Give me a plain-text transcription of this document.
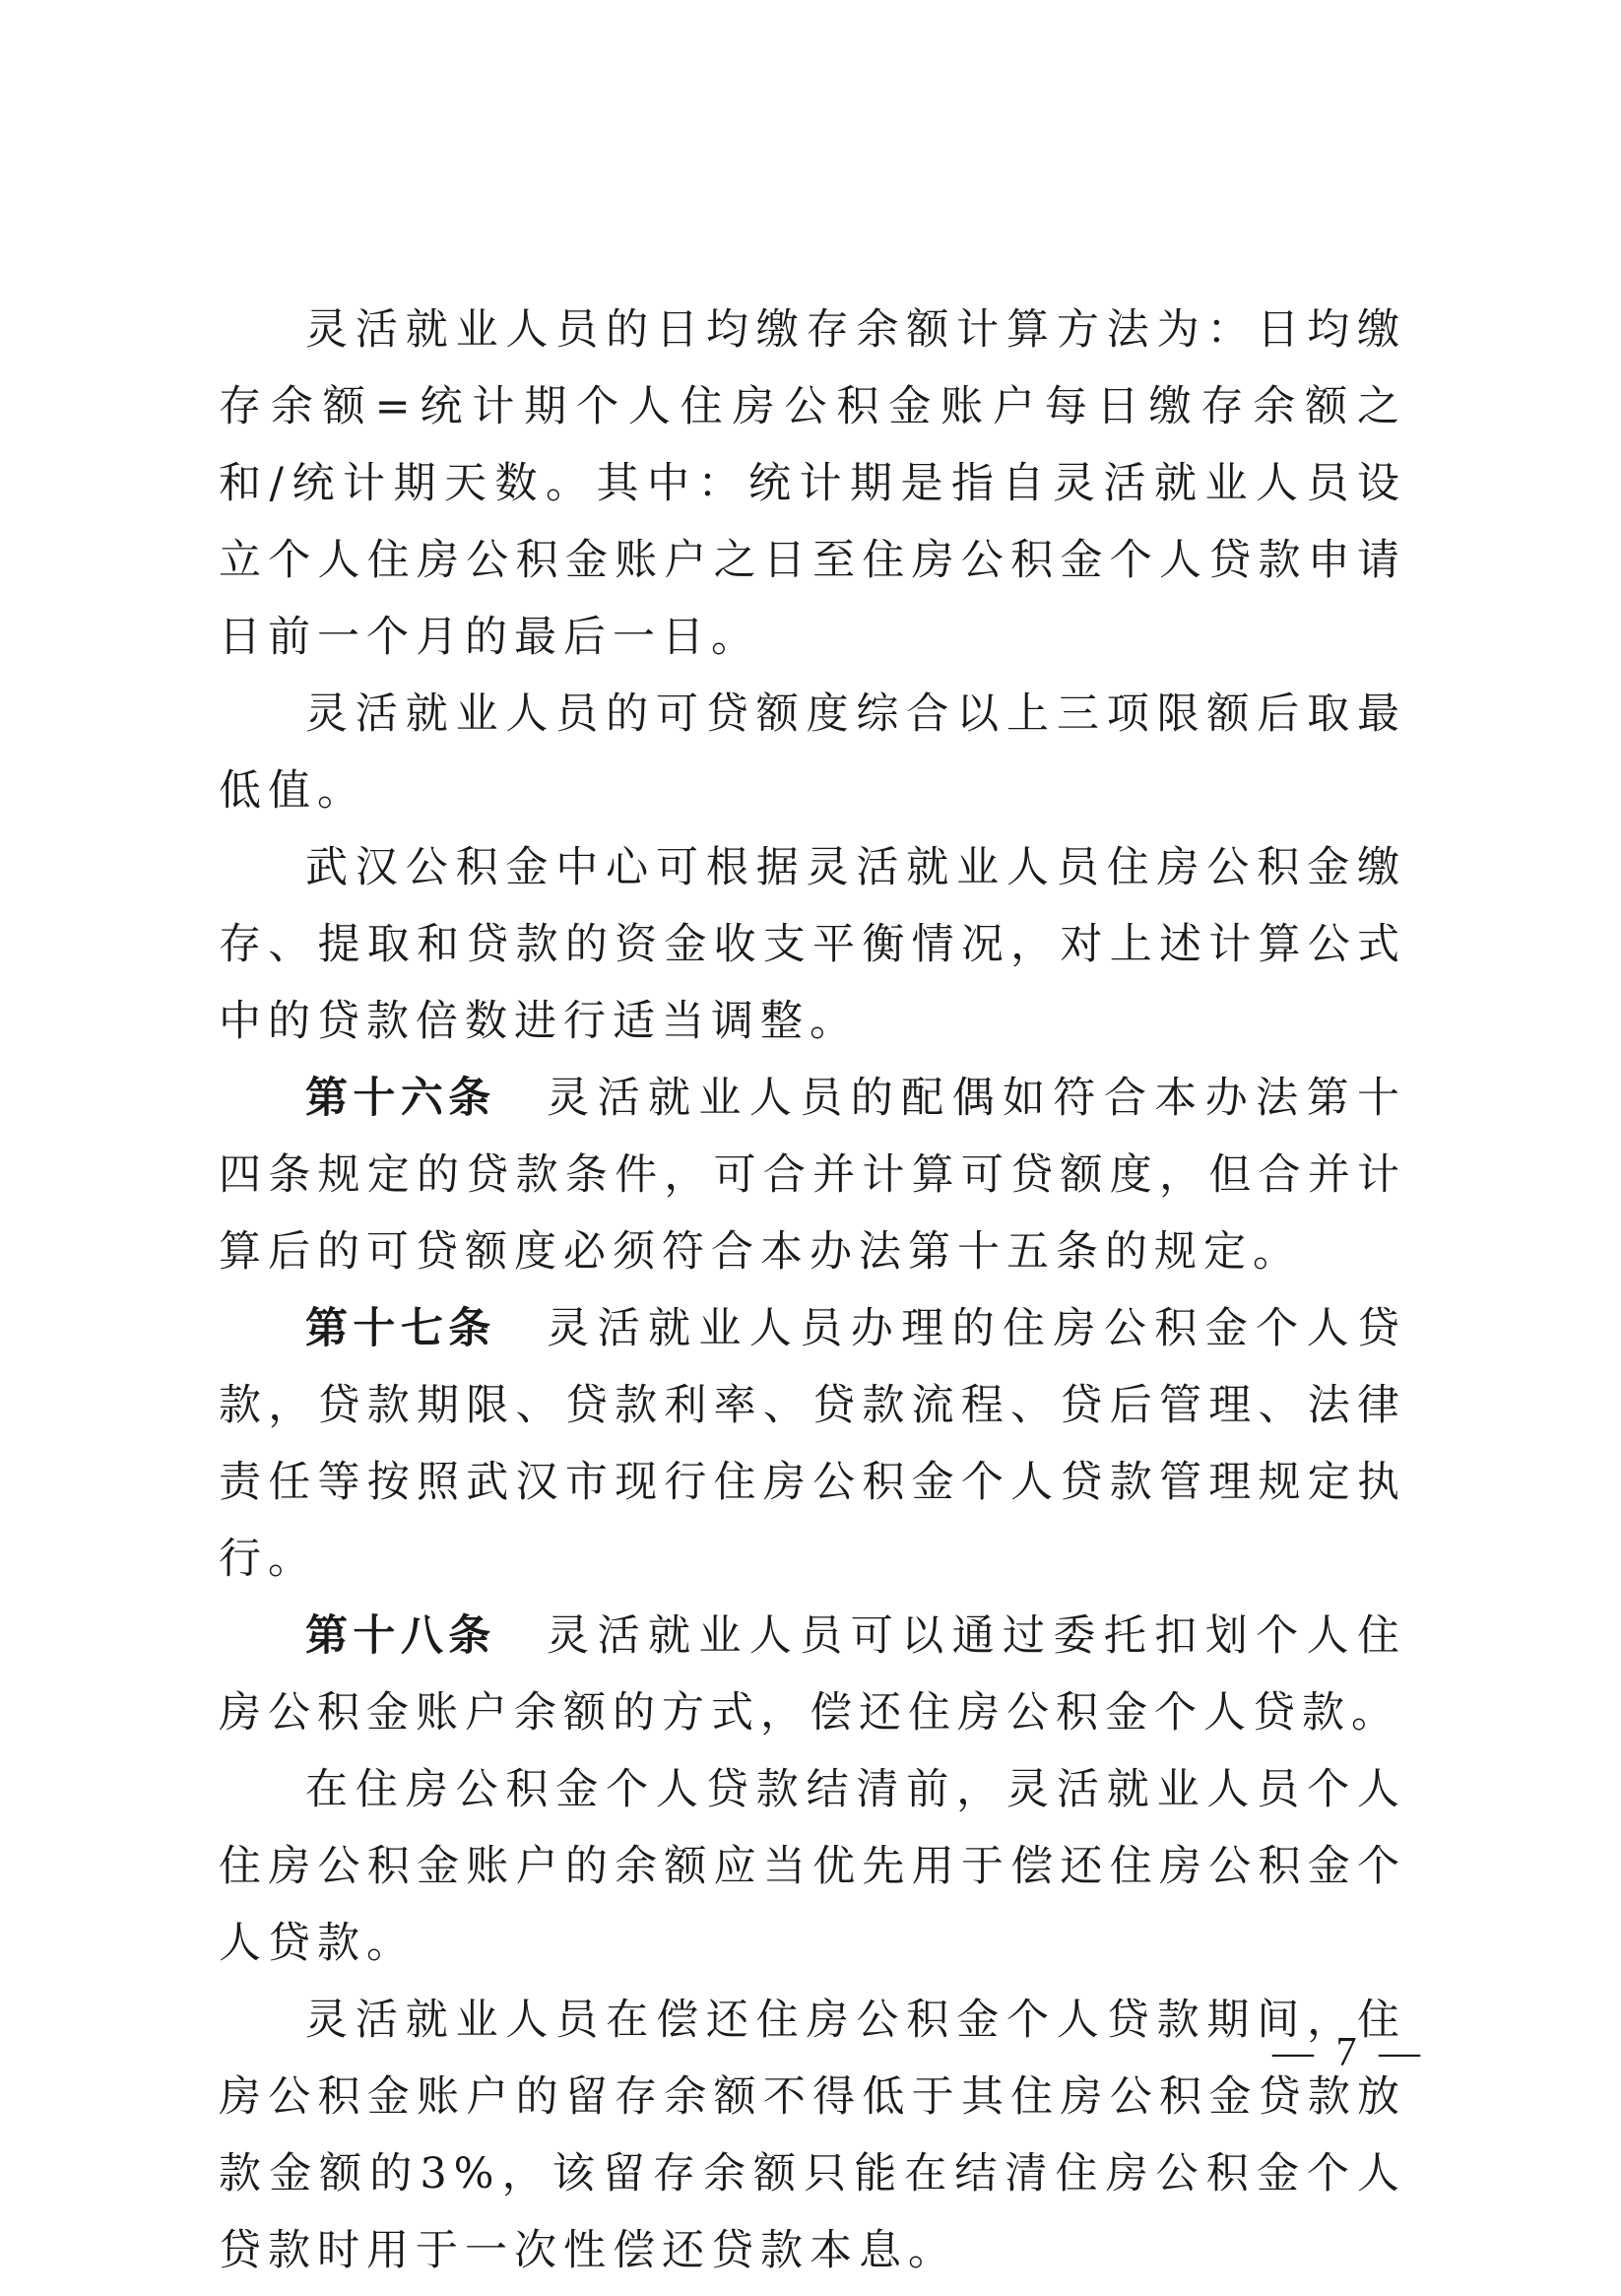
灵活就业人员的日均缴存余额计算方法为：日均缴存余额=统计期个人住房公积金账户每日缴存余额之和/统计期天数。其中：统计期是指自灵活就业人员设立个人住房公积金账户之日至住房公积金个人贷款申请日前一个月的最后一日。

灵活就业人员的可贷额度综合以上三项限额后取最低值。

武汉公积金中心可根据灵活就业人员住房公积金缴存、提取和贷款的资金收支平衡情况，对上述计算公式中的贷款倍数进行适当调整。

第十六条 灵活就业人员的配偶如符合本办法第十四条规定的贷款条件，可合并计算可贷额度，但合并计算后的可贷额度必须符合本办法第十五条的规定。

第十七条 灵活就业人员办理的住房公积金个人贷款，贷款期限、贷款利率、贷款流程、贷后管理、法律责任等按照武汉市现行住房公积金个人贷款管理规定执行。

第十八条 灵活就业人员可以通过委托扣划个人住房公积金账户余额的方式，偿还住房公积金个人贷款。

在住房公积金个人贷款结清前，灵活就业人员个人住房公积金账户的余额应当优先用于偿还住房公积金个人贷款。

灵活就业人员在偿还住房公积金个人贷款期间，住房公积金账户的留存余额不得低于其住房公积金贷款放款金额的3%，该留存余额只能在结清住房公积金个人贷款时用于一次性偿还贷款本息。

— 7 —
